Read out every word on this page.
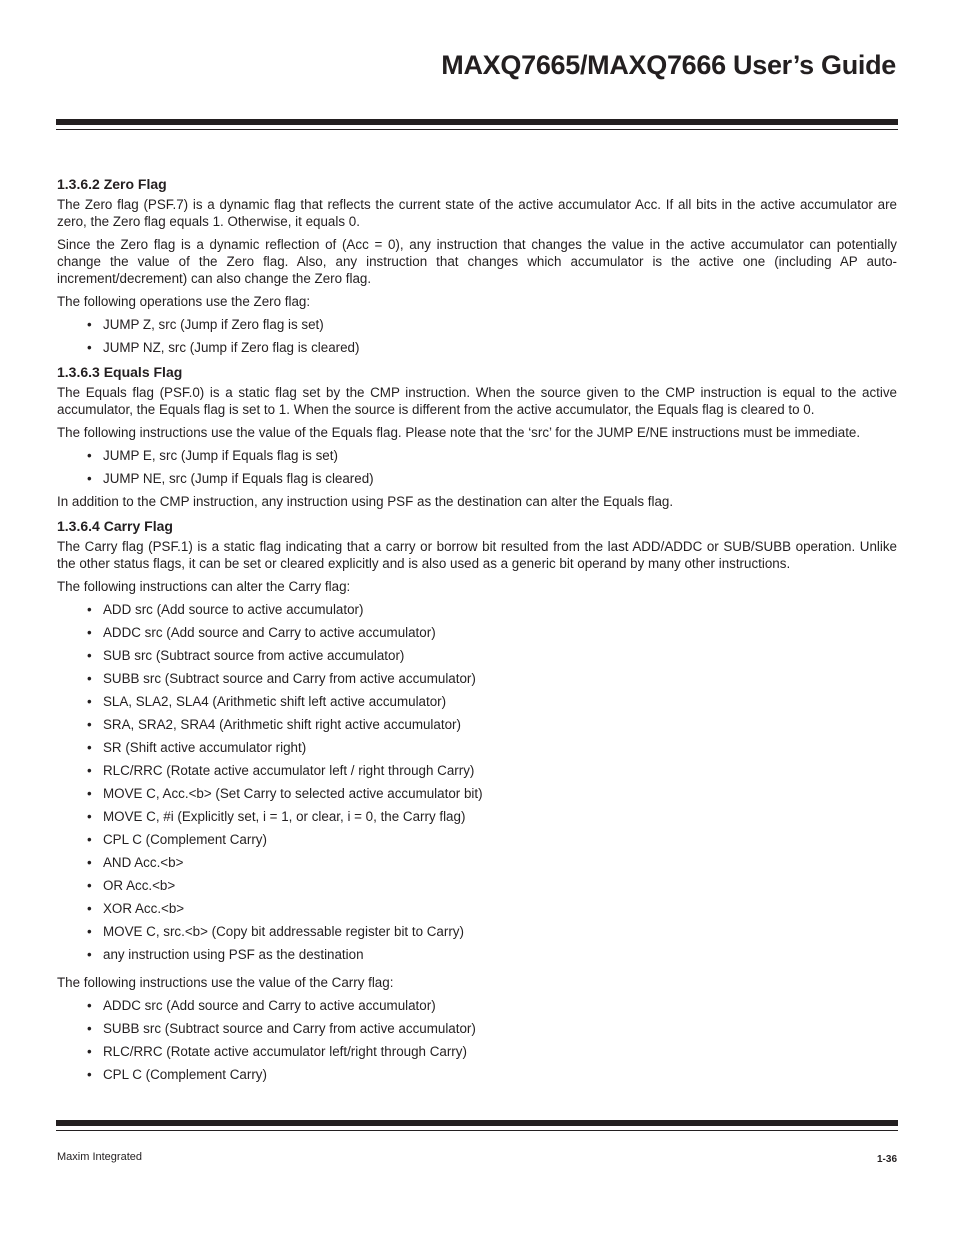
MAXQ7665/MAXQ7666 User’s Guide
1.3.6.2 Zero Flag

The Zero flag (PSF.7) is a dynamic flag that reflects the current state of the active accumulator Acc. If all bits in the active accumulator are zero, the Zero flag equals 1. Otherwise, it equals 0.

Since the Zero flag is a dynamic reflection of (Acc = 0), any instruction that changes the value in the active accumulator can potentially change the value of the Zero flag. Also, any instruction that changes which accumulator is the active one (including AP auto-increment/decrement) can also change the Zero flag.

The following operations use the Zero flag:

• JUMP Z, src (Jump if Zero flag is set)
• JUMP NZ, src (Jump if Zero flag is cleared)
1.3.6.3 Equals Flag

The Equals flag (PSF.0) is a static flag set by the CMP instruction. When the source given to the CMP instruction is equal to the active accumulator, the Equals flag is set to 1. When the source is different from the active accumulator, the Equals flag is cleared to 0.

The following instructions use the value of the Equals flag. Please note that the ‘src’ for the JUMP E/NE instructions must be immediate.

• JUMP E, src (Jump if Equals flag is set)
• JUMP NE, src (Jump if Equals flag is cleared)

In addition to the CMP instruction, any instruction using PSF as the destination can alter the Equals flag.

1.3.6.4 Carry Flag

The Carry flag (PSF.1) is a static flag indicating that a carry or borrow bit resulted from the last ADD/ADDC or SUB/SUBB operation. Unlike the other status flags, it can be set or cleared explicitly and is also used as a generic bit operand by many other instructions.

The following instructions can alter the Carry flag:

• ADD src (Add source to active accumulator)
• ADDC src (Add source and Carry to active accumulator)
• SUB src (Subtract source from active accumulator)
• SUBB src (Subtract source and Carry from active accumulator)
• SLA, SLA2, SLA4 (Arithmetic shift left active accumulator)
• SRA, SRA2, SRA4 (Arithmetic shift right active accumulator)
• SR (Shift active accumulator right)
• RLC/RRC (Rotate active accumulator left / right through Carry)
• MOVE C, Acc.<b> (Set Carry to selected active accumulator bit)
• MOVE C, #i (Explicitly set, i = 1, or clear, i = 0, the Carry flag)
• CPL C (Complement Carry)
• AND Acc.<b>
• OR Acc.<b>
• XOR Acc.<b>
• MOVE C, src.<b> (Copy bit addressable register bit to Carry)
• any instruction using PSF as the destination

The following instructions use the value of the Carry flag:

• ADDC src (Add source and Carry to active accumulator)
• SUBB src (Subtract source and Carry from active accumulator)
• RLC/RRC (Rotate active accumulator left/right through Carry)
• CPL C (Complement Carry)
Maxim Integrated	1-36
